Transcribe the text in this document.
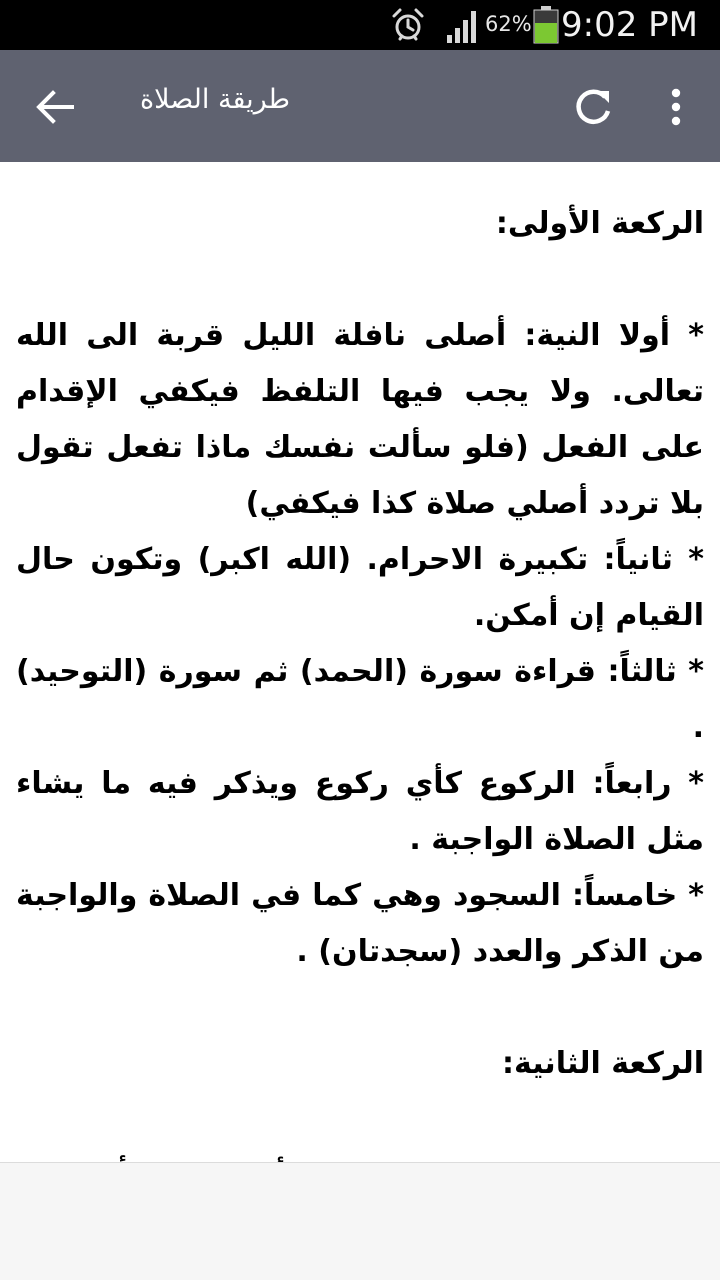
62% 9:02 PM
طريقة الصلاة

الركعة الأولى:

* أولا النية: أصلى نافلة الليل قربة الى الله تعالى. ولا يجب فيها التلفظ فيكفي الإقدام على الفعل (فلو سألت نفسك ماذا تفعل تقول بلا تردد أصلي صلاة كذا فيكفي)

* ثانياً: تكبيرة الاحرام. (الله اكبر) وتكون حال القيام إن أمكن.

* ثالثاً: قراءة سورة (الحمد) ثم سورة (التوحيد) .

* رابعاً: الركوع كأي ركوع ويذكر فيه ما يشاء مثل الصلاة الواجبة .

* خامساً: السجود وهي كما في الصلاة والواجبة من الذكر والعدد (سجدتان) .

الركعة الثانية:
